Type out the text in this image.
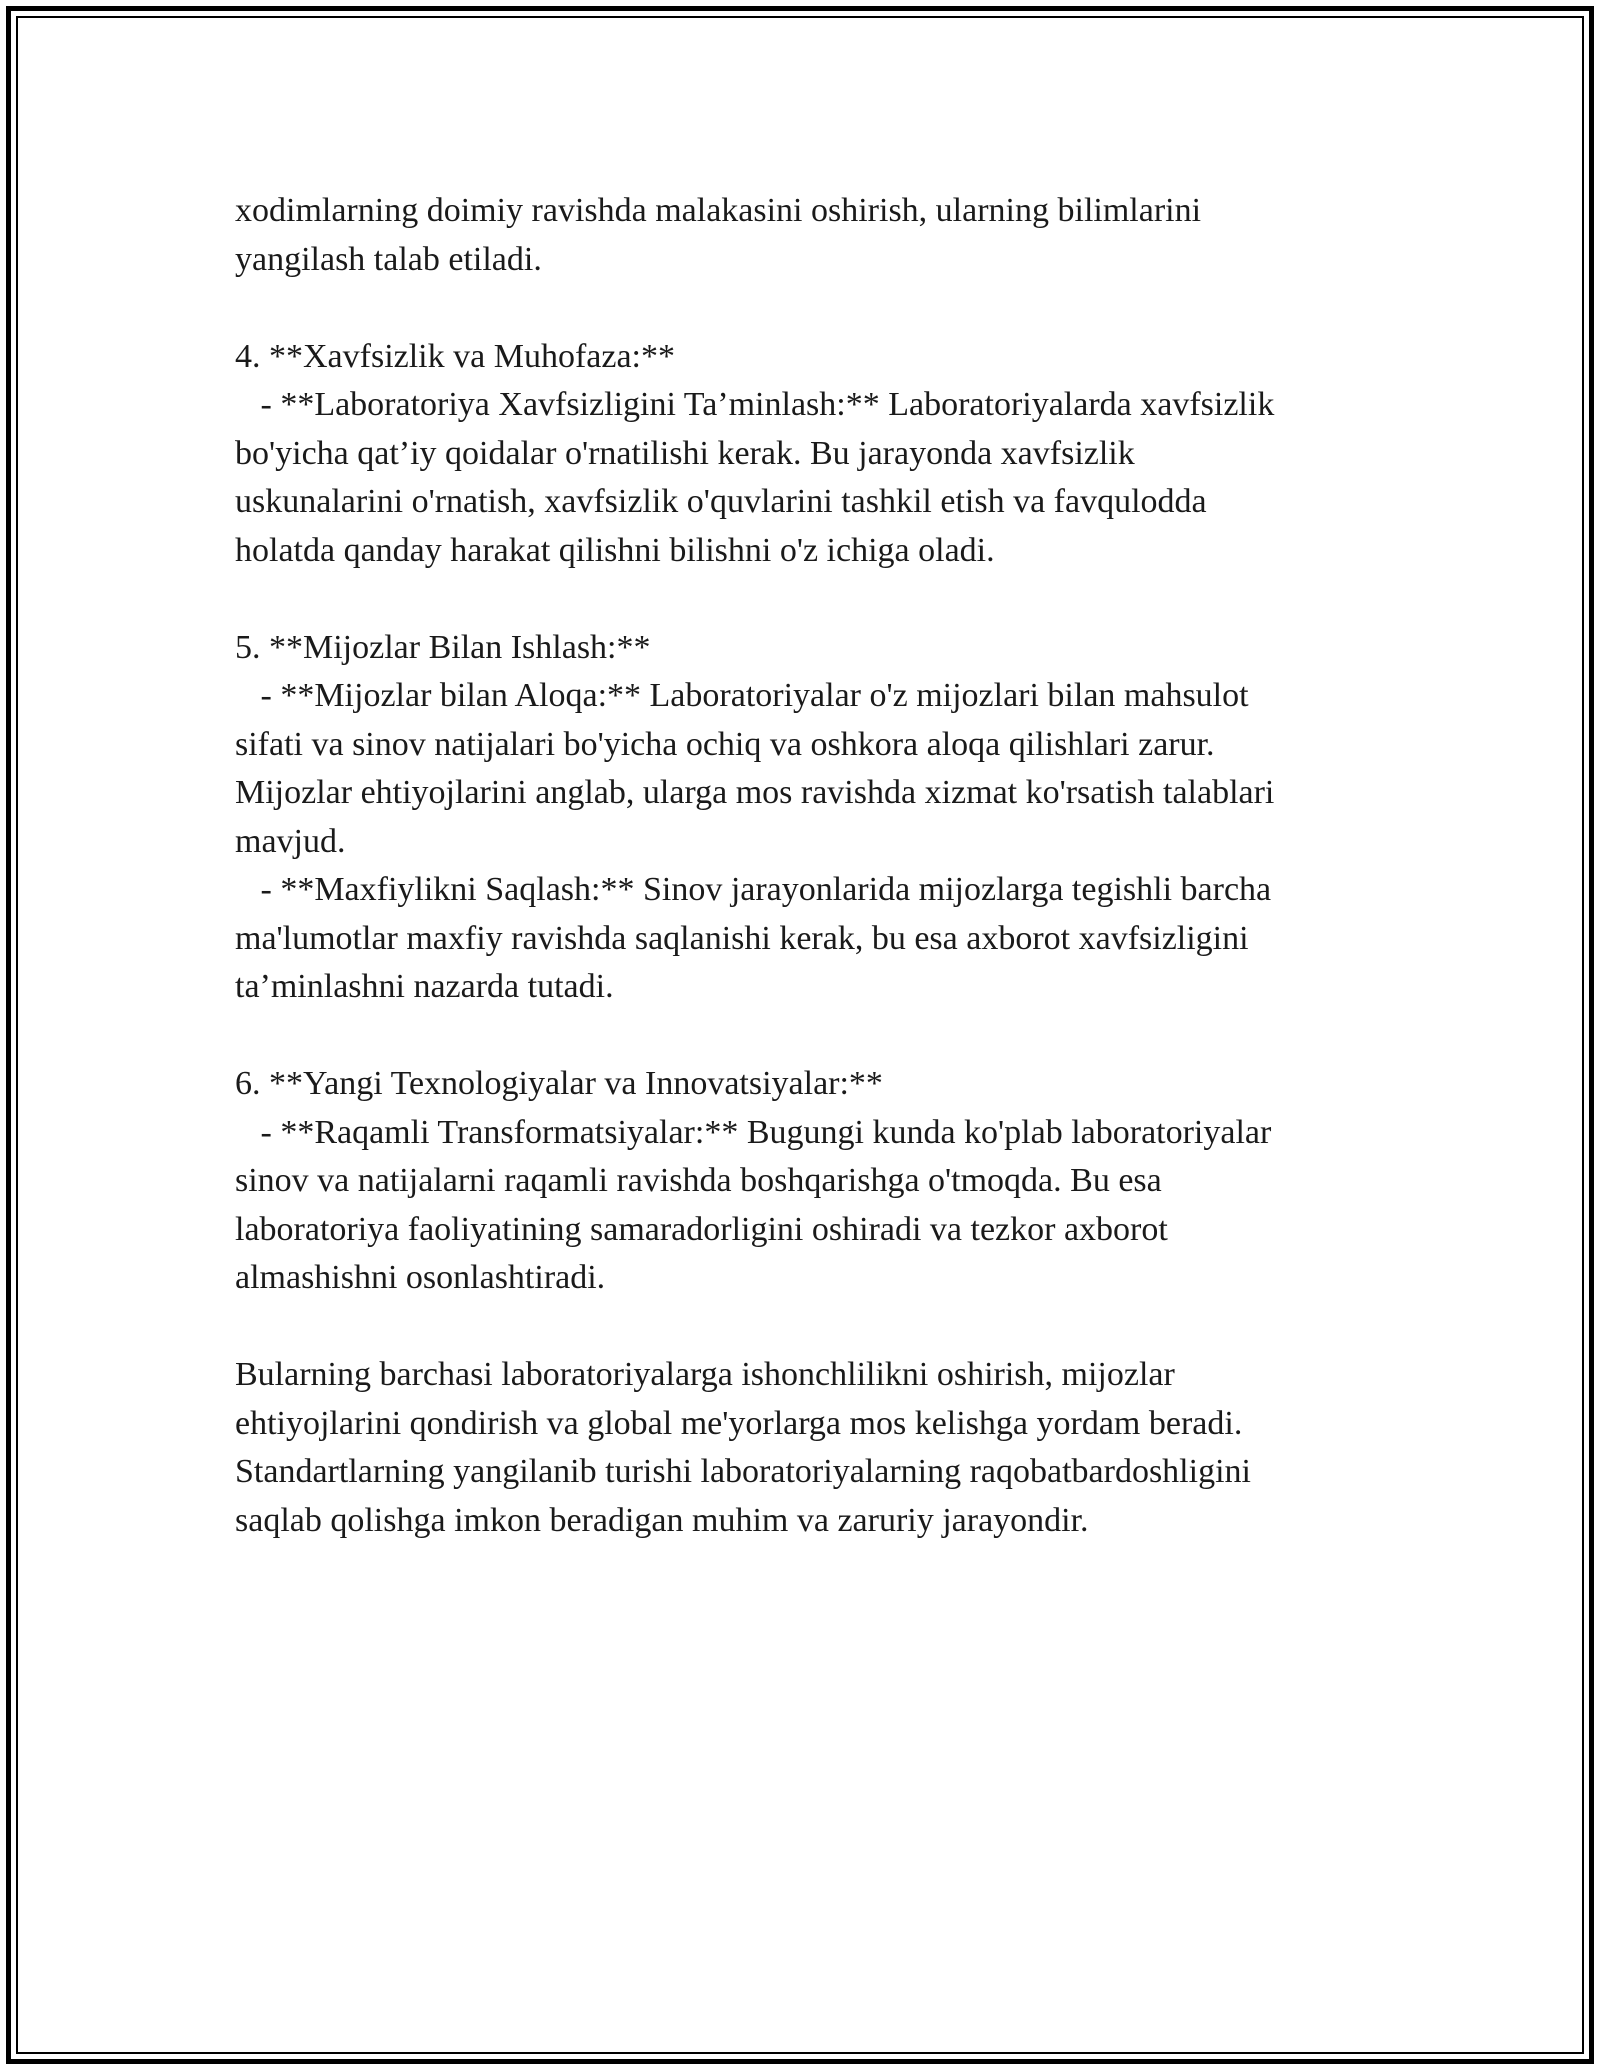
xodimlarning doimiy ravishda malakasini oshirish, ularning bilimlarini
yangilash talab etiladi.
4. **Xavfsizlik va Muhofaza:**
- **Laboratoriya Xavfsizligini Ta’minlash:** Laboratoriyalarda xavfsizlik
bo'yicha qat’iy qoidalar o'rnatilishi kerak. Bu jarayonda xavfsizlik
uskunalarini o'rnatish, xavfsizlik o'quvlarini tashkil etish va favqulodda
holatda qanday harakat qilishni bilishni o'z ichiga oladi.
5. **Mijozlar Bilan Ishlash:**
- **Mijozlar bilan Aloqa:** Laboratoriyalar o'z mijozlari bilan mahsulot
sifati va sinov natijalari bo'yicha ochiq va oshkora aloqa qilishlari zarur.
Mijozlar ehtiyojlarini anglab, ularga mos ravishda xizmat ko'rsatish talablari
mavjud.
- **Maxfiylikni Saqlash:** Sinov jarayonlarida mijozlarga tegishli barcha
ma'lumotlar maxfiy ravishda saqlanishi kerak, bu esa axborot xavfsizligini
ta’minlashni nazarda tutadi.
6. **Yangi Texnologiyalar va Innovatsiyalar:**
- **Raqamli Transformatsiyalar:** Bugungi kunda ko'plab laboratoriyalar
sinov va natijalarni raqamli ravishda boshqarishga o'tmoqda. Bu esa
laboratoriya faoliyatining samaradorligini oshiradi va tezkor axborot
almashishni osonlashtiradi.
Bularning barchasi laboratoriyalarga ishonchlilikni oshirish, mijozlar
ehtiyojlarini qondirish va global me'yorlarga mos kelishga yordam beradi.
Standartlarning yangilanib turishi laboratoriyalarning raqobatbardoshligini
saqlab qolishga imkon beradigan muhim va zaruriy jarayondir.
